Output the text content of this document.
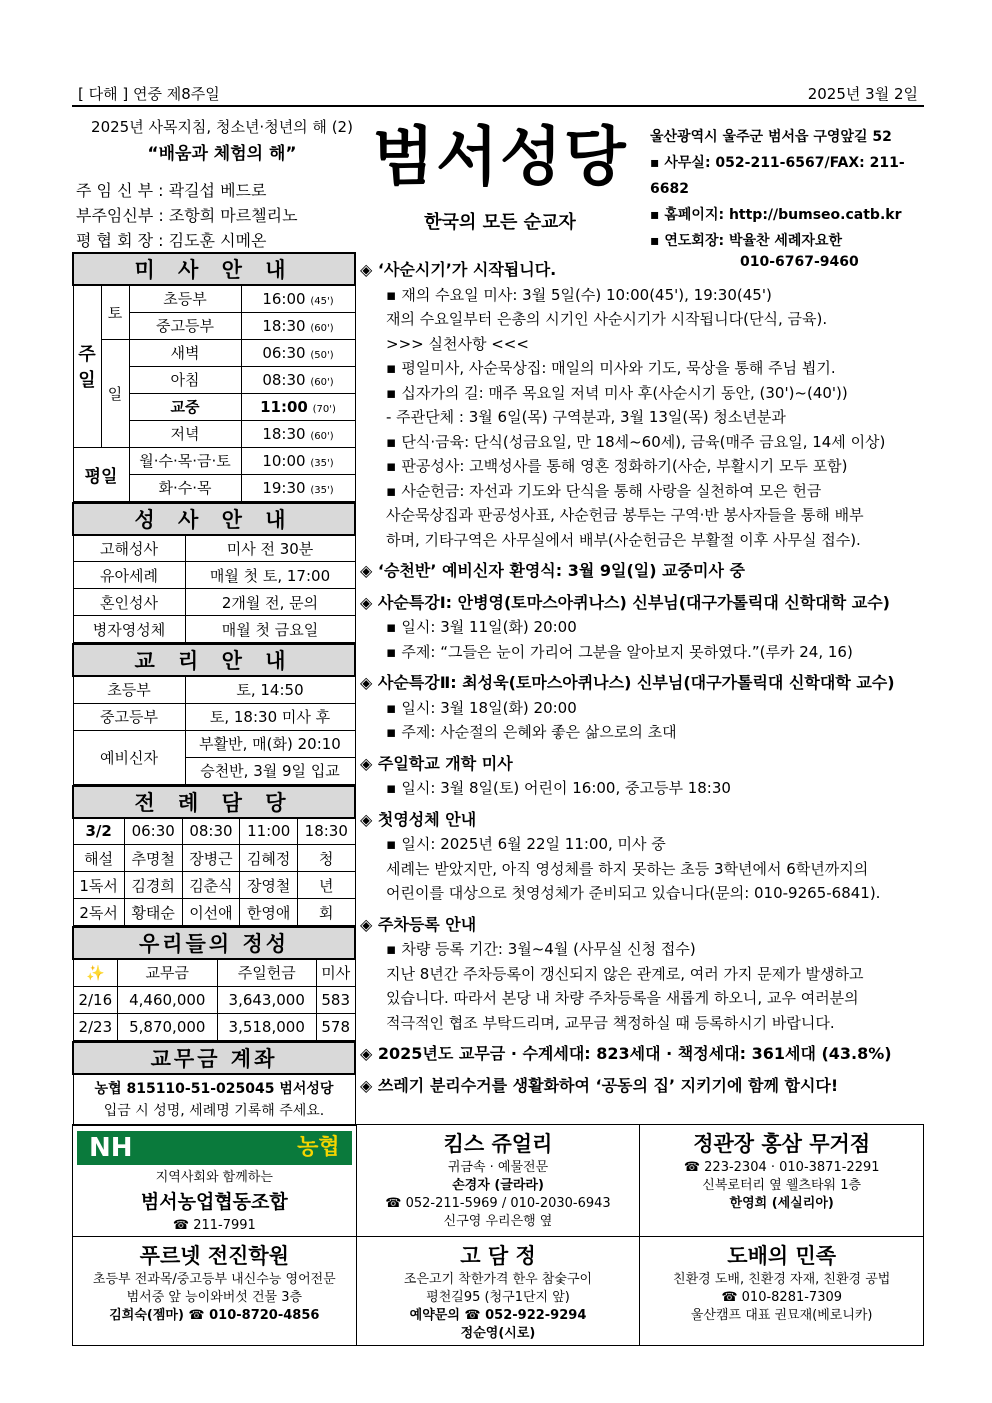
[ 다해 ] 연중 제8주일	2025년 3월 2일
2025년 사목지침, 청소년·청년의 해 (2)
“배움과 체험의 해”
주 임 신 부 : 곽길섭 베드로
부주임신부 : 조항희 마르첼리노
평 협 회 장 : 김도훈 시메온
범서성당
한국의 모든 순교자
울산광역시 울주군 범서읍 구영앞길 52
▪ 사무실: 052-211-6567/FAX: 211-6682
▪ 홈페이지: http://bumseo.catb.kr
▪ 연도회장: 박율찬 세례자요한
010-6767-9460
미 사 안 내			
주 일	토	초등부	16:00 (45')
		중고등부	18:30 (60')
	일	새벽	06:30 (50')
		아침	08:30 (60')
		교중	11:00 (70')
		저녁	18:30 (60')
평일		월·수·목·금·토	10:00 (35')
		화·수·목	19:30 (35')
성 사 안 내	
고해성사	미사 전 30분
유아세례	매월 첫 토, 17:00
혼인성사	2개월 전, 문의
병자영성체	매월 첫 금요일
교 리 안 내	
초등부	토, 14:50
중고등부	토, 18:30 미사 후
예비신자	부활반, 매(화) 20:10
	승천반, 3월 9일 입교
전 례 담 당				
3/2	06:30	08:30	11:00	18:30
해설	추명철	장병근	김혜정	청
1독서	김경희	김춘식	장영철	년
2독서	황태순	이선애	한영애	회
우리들의 정성			
✨	교무금	주일헌금	미사
2/16	4,460,000	3,643,000	583
2/23	5,870,000	3,518,000	578
교무금 계좌

농협 815110-51-025045 범서성당
입금 시 성명, 세례명 기록해 주세요.
◈ ‘사순시기’가 시작됩니다.
▪ 재의 수요일 미사: 3월 5일(수) 10:00(45'), 19:30(45')
재의 수요일부터 은총의 시기인 사순시기가 시작됩니다(단식, 금육).
>>> 실천사항 <<<
▪ 평일미사, 사순묵상집: 매일의 미사와 기도, 묵상을 통해 주님 뵙기.
▪ 십자가의 길: 매주 목요일 저녁 미사 후(사순시기 동안, (30')~(40'))
- 주관단체 : 3월 6일(목) 구역분과, 3월 13일(목) 청소년분과
▪ 단식·금육: 단식(성금요일, 만 18세~60세), 금육(매주 금요일, 14세 이상)
▪ 판공성사: 고백성사를 통해 영혼 정화하기(사순, 부활시기 모두 포함)
▪ 사순헌금: 자선과 기도와 단식을 통해 사랑을 실천하여 모은 헌금
사순묵상집과 판공성사표, 사순헌금 봉투는 구역·반 봉사자들을 통해 배부
하며, 기타구역은 사무실에서 배부(사순헌금은 부활절 이후 사무실 접수).
◈ ‘승천반’ 예비신자 환영식: 3월 9일(일) 교중미사 중
◈ 사순특강Ⅰ: 안병영(토마스아퀴나스) 신부님(대구가톨릭대 신학대학 교수)
▪ 일시: 3월 11일(화) 20:00
▪ 주제: “그들은 눈이 가리어 그분을 알아보지 못하였다.”(루카 24, 16)
◈ 사순특강Ⅱ: 최성욱(토마스아퀴나스) 신부님(대구가톨릭대 신학대학 교수)
▪ 일시: 3월 18일(화) 20:00
▪ 주제: 사순절의 은혜와 좋은 삶으로의 초대
◈ 주일학교 개학 미사
▪ 일시: 3월 8일(토) 어린이 16:00, 중고등부 18:30
◈ 첫영성체 안내
▪ 일시: 2025년 6월 22일 11:00, 미사 중
세례는 받았지만, 아직 영성체를 하지 못하는 초등 3학년에서 6학년까지의
어린이를 대상으로 첫영성체가 준비되고 있습니다(문의: 010-9265-6841).
◈ 주차등록 안내
▪ 차량 등록 기간: 3월~4월 (사무실 신청 접수)
지난 8년간 주차등록이 갱신되지 않은 관계로, 여러 가지 문제가 발생하고
있습니다. 따라서 본당 내 차량 주차등록을 새롭게 하오니, 교우 여러분의
적극적인 협조 부탁드리며, 교무금 책정하실 때 등록하시기 바랍니다.
◈ 2025년도 교무금 · 수계세대: 823세대 · 책정세대: 361세대 (43.8%)
◈ 쓰레기 분리수거를 생활화하여 ‘공동의 집’ 지키기에 함께 합시다!
NH	농협
지역사회와 함께하는
범서농업협동조합
☎ 211-7991
킴스 쥬얼리
귀금속 · 예물전문
손경자 (글라라)
☎ 052-211-5969 / 010-2030-6943
신구영 우리은행 옆
정관장 홍삼 무거점
☎ 223-2304 · 010-3871-2291
신복로터리 옆 웰츠타워 1층
한영희 (세실리아)
푸르넷 전진학원
초등부 전과목/중고등부 내신수능 영어전문
범서중 앞 능이와버섯 건물 3층
김희숙(젬마) ☎ 010-8720-4856
고 담 정
조은고기 착한가격 한우 참숯구이
평천길95 (청구1단지 앞)
예약문의 ☎ 052-922-9294
정순영(시로)
도배의 민족
친환경 도배, 친환경 자재, 친환경 공법
☎ 010-8281-7309
울산캠프 대표 권묘재(베로니카)
